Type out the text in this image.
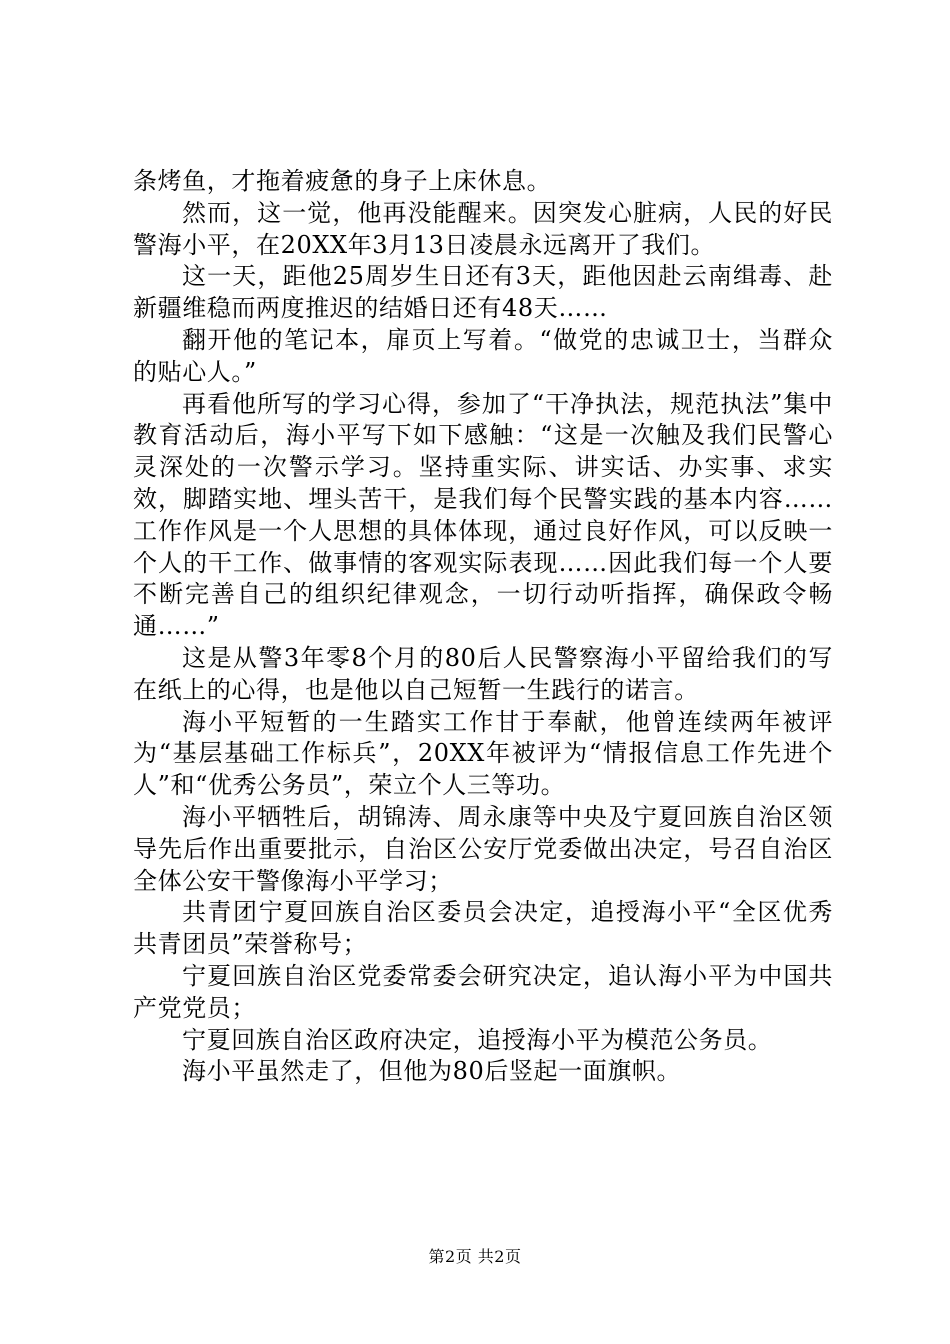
条烤鱼，才拖着疲惫的身子上床休息。

然而，这一觉，他再没能醒来。因突发心脏病，人民的好民警海小平，在20XX年3月13日凌晨永远离开了我们。

这一天，距他25周岁生日还有3天，距他因赴云南缉毒、赴新疆维稳而两度推迟的结婚日还有48天……

翻开他的笔记本，扉页上写着。“做党的忠诚卫士，当群众的贴心人。”

再看他所写的学习心得，参加了“干净执法，规范执法”集中教育活动后，海小平写下如下感触：“这是一次触及我们民警心灵深处的一次警示学习。坚持重实际、讲实话、办实事、求实效，脚踏实地、埋头苦干，是我们每个民警实践的基本内容……工作作风是一个人思想的具体体现，通过良好作风，可以反映一个人的干工作、做事情的客观实际表现……因此我们每一个人要不断完善自己的组织纪律观念，一切行动听指挥，确保政令畅通……”

这是从警3年零8个月的80后人民警察海小平留给我们的写在纸上的心得，也是他以自己短暂一生践行的诺言。

海小平短暂的一生踏实工作甘于奉献，他曾连续两年被评为“基层基础工作标兵”，20XX年被评为“情报信息工作先进个人”和“优秀公务员”，荣立个人三等功。

海小平牺牲后，胡锦涛、周永康等中央及宁夏回族自治区领导先后作出重要批示，自治区公安厅党委做出决定，号召自治区全体公安干警像海小平学习；

共青团宁夏回族自治区委员会决定，追授海小平“全区优秀共青团员”荣誉称号；

宁夏回族自治区党委常委会研究决定，追认海小平为中国共产党党员；

宁夏回族自治区政府决定，追授海小平为模范公务员。

海小平虽然走了，但他为80后竖起一面旗帜。

第2页 共2页
